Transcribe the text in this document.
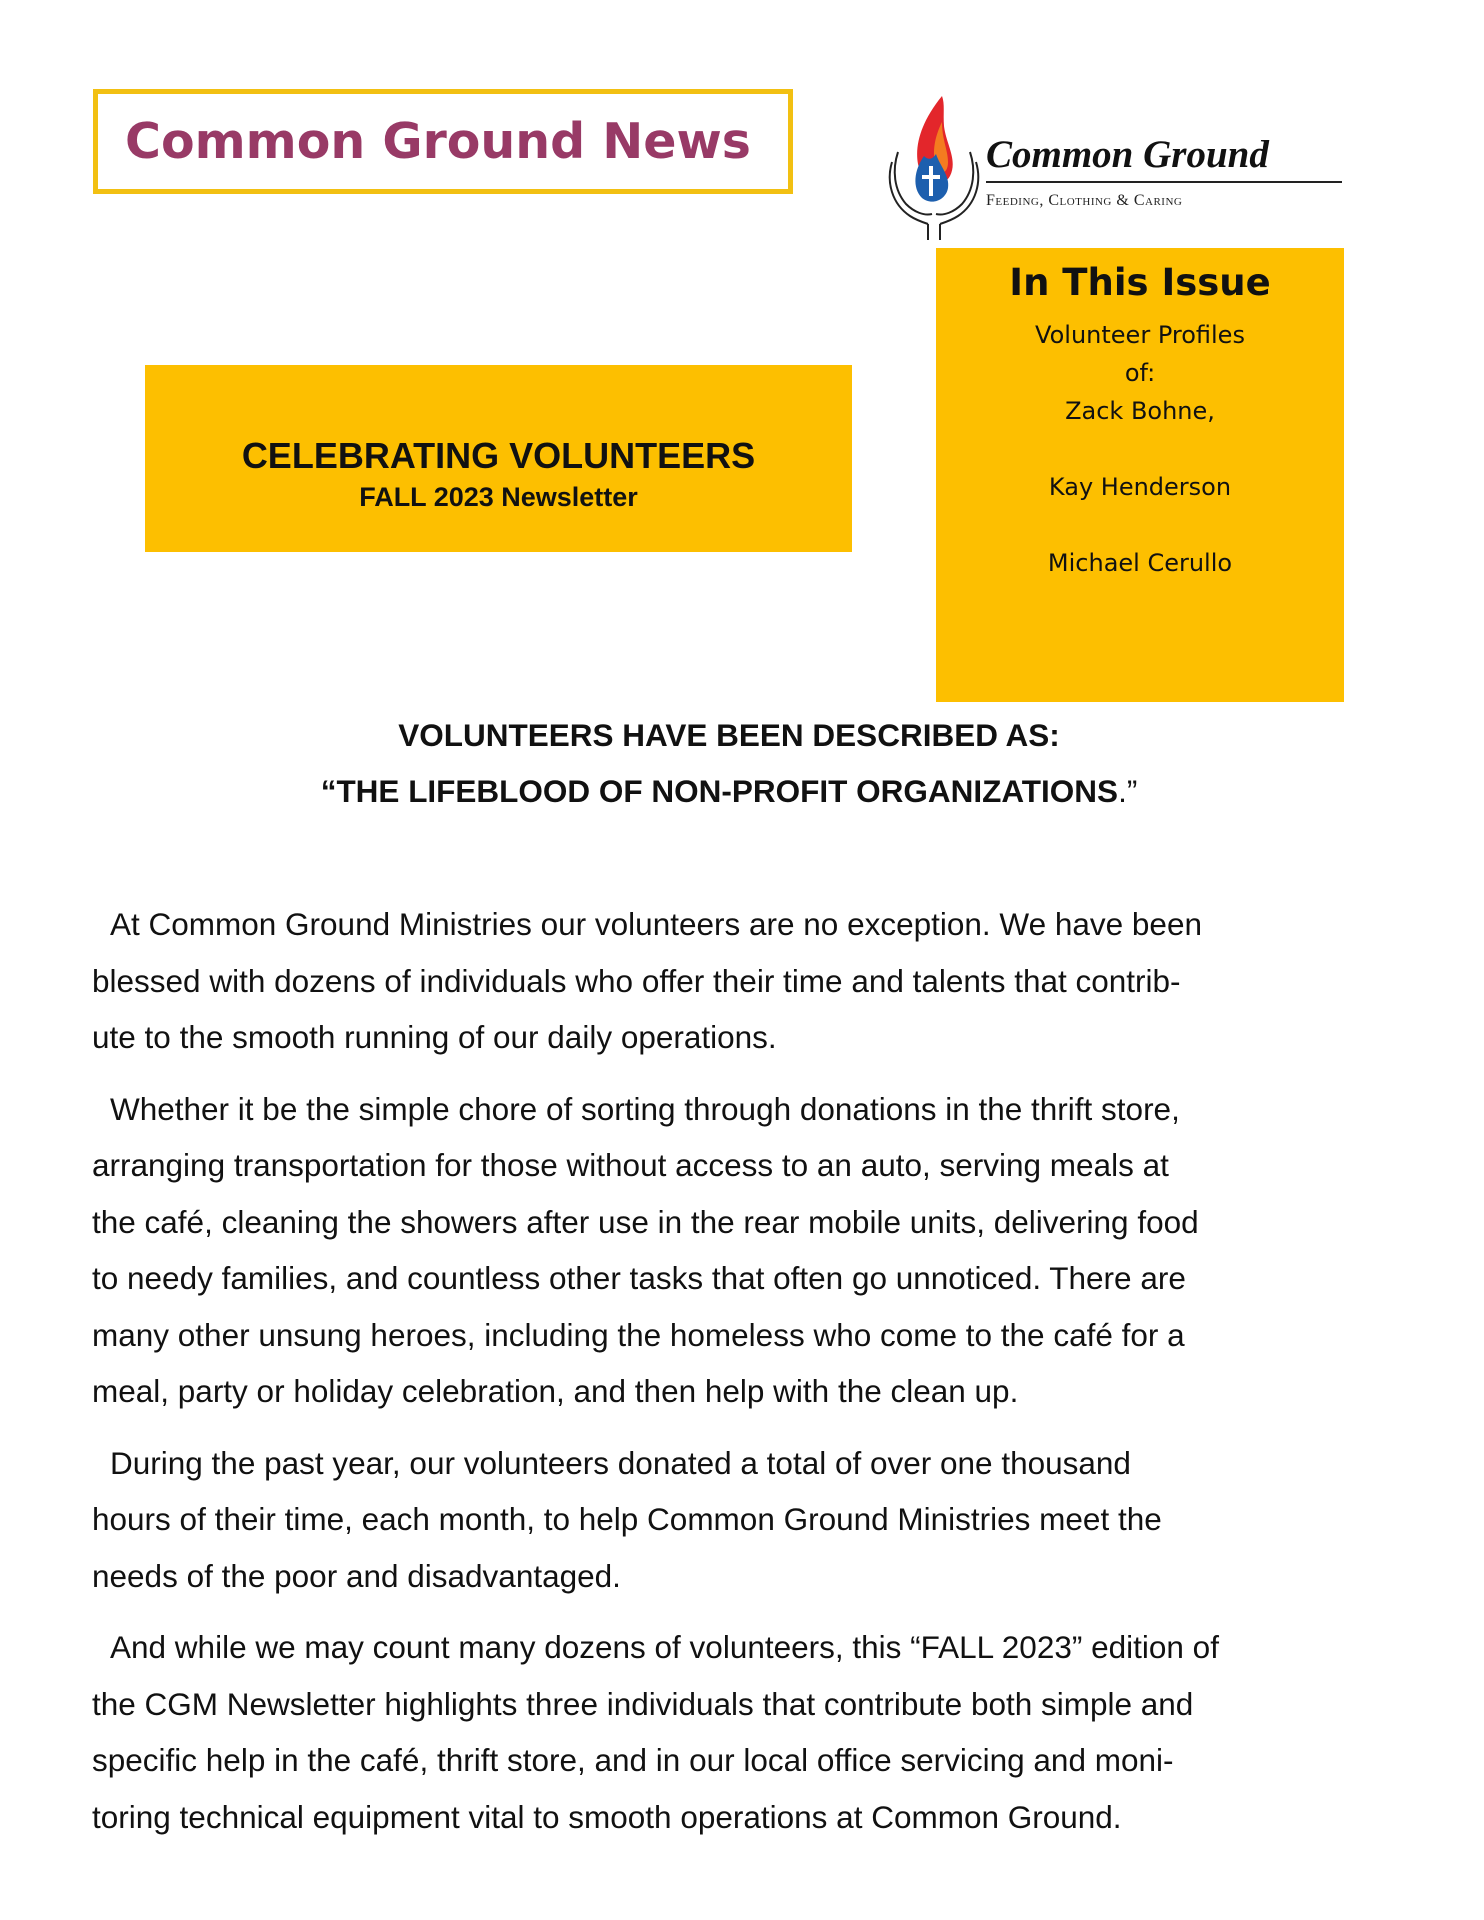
Common Ground News	Common Ground
Feeding, Clothing & Caring
In This Issue
Volunteer Profiles
of:
Zack Bohne,
Kay Henderson
Michael Cerullo
CELEBRATING VOLUNTEERS
FALL 2023 Newsletter
VOLUNTEERS HAVE BEEN DESCRIBED AS:
“THE LIFEBLOOD OF NON-PROFIT ORGANIZATIONS.”

At Common Ground Ministries our volunteers are no exception. We have been
blessed with dozens of individuals who offer their time and talents that contrib-
ute to the smooth running of our daily operations.

Whether it be the simple chore of sorting through donations in the thrift store,
arranging transportation for those without access to an auto, serving meals at
the café, cleaning the showers after use in the rear mobile units, delivering food
to needy families, and countless other tasks that often go unnoticed. There are
many other unsung heroes, including the homeless who come to the café for a
meal, party or holiday celebration, and then help with the clean up.

During the past year, our volunteers donated a total of over one thousand
hours of their time, each month, to help Common Ground Ministries meet the
needs of the poor and disadvantaged.

And while we may count many dozens of volunteers, this “FALL 2023” edition of
the CGM Newsletter highlights three individuals that contribute both simple and
specific help in the café, thrift store, and in our local office servicing and moni-
toring technical equipment vital to smooth operations at Common Ground.
